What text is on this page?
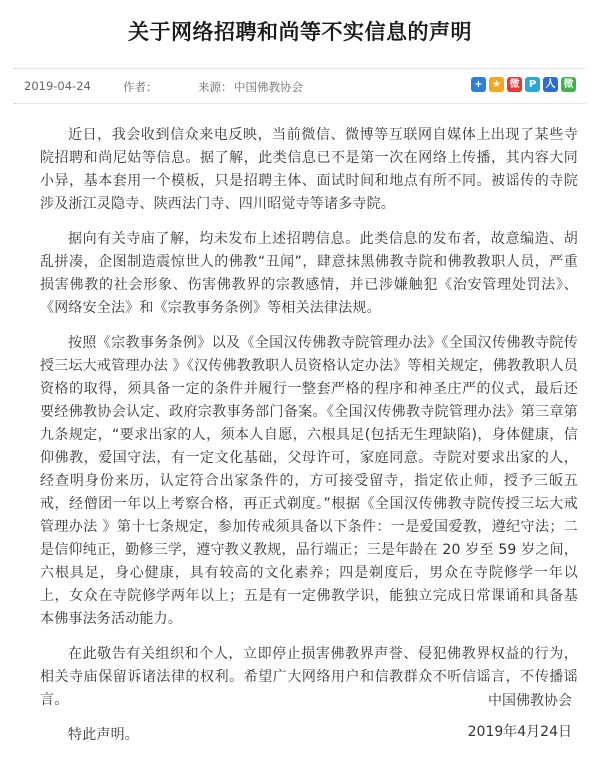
关于网络招聘和尚等不实信息的声明
2019-04-24	作者：	来源： 中国佛教协会	+ ★ 微 P 人 微

近日，我会收到信众来电反映，当前微信、微博等互联网自媒体上出现了某些寺院招聘和尚尼姑等信息。据了解，此类信息已不是第一次在网络上传播，其内容大同小异，基本套用一个模板，只是招聘主体、面试时间和地点有所不同。被谣传的寺院涉及浙江灵隐寺、陕西法门寺、四川昭觉寺等诸多寺院。

据向有关寺庙了解，均未发布上述招聘信息。此类信息的发布者，故意编造、胡乱拼凑，企图制造震惊世人的佛教“丑闻”，肆意抹黑佛教寺院和佛教教职人员，严重损害佛教的社会形象、伤害佛教界的宗教感情，并已涉嫌触犯《治安管理处罚法》、《网络安全法》和《宗教事务条例》等相关法律法规。

按照《宗教事务条例》以及《全国汉传佛教寺院管理办法》《全国汉传佛教寺院传授三坛大戒管理办法 》《汉传佛教教职人员资格认定办法》等相关规定，佛教教职人员资格的取得，须具备一定的条件并履行一整套严格的程序和神圣庄严的仪式，最后还要经佛教协会认定、政府宗教事务部门备案。《全国汉传佛教寺院管理办法》第三章第九条规定，“要求出家的人，须本人自愿，六根具足(包括无生理缺陷)，身体健康，信仰佛教，爱国守法，有一定文化基础，父母许可，家庭同意。寺院对要求出家的人，经查明身份来历，认定符合出家条件的，方可接受留寺，指定依止师，授予三皈五戒，经僧团一年以上考察合格，再正式剃度。”根据《全国汉传佛教寺院传授三坛大戒管理办法 》第十七条规定，参加传戒须具备以下条件：一是爱国爱教，遵纪守法；二是信仰纯正，勤修三学，遵守教义教规，品行端正；三是年龄在 20 岁至 59 岁之间，六根具足，身心健康，具有较高的文化素养；四是剃度后，男众在寺院修学一年以上，女众在寺院修学两年以上；五是有一定佛教学识，能独立完成日常课诵和具备基本佛事法务活动能力。

在此敬告有关组织和个人，立即停止损害佛教界声誉、侵犯佛教界权益的行为，相关寺庙保留诉诸法律的权利。希望广大网络用户和信教群众不听信谣言，不传播谣言。

特此声明。

中国佛教协会
2019年4月24日
